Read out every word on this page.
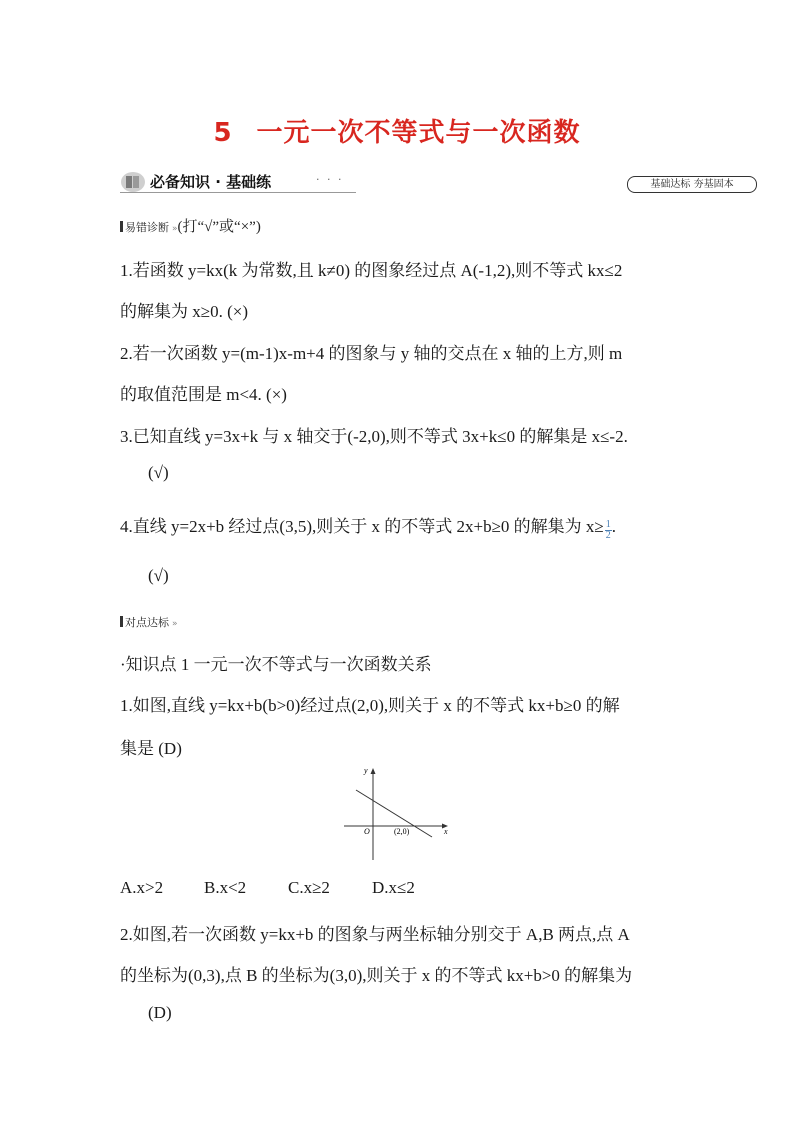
5 一元一次不等式与一次函数
必备知识 · 基础练	· · ·	基础达标 夯基固本
易错诊断 »(打“√”或“×”)
1.若函数 y=kx(k 为常数,且 k≠0) 的图象经过点 A(-1,2),则不等式 kx≤2
的解集为 x≥0. (×)
2.若一次函数 y=(m-1)x-m+4 的图象与 y 轴的交点在 x 轴的上方,则 m
的取值范围是 m<4. (×)
3.已知直线 y=3x+k 与 x 轴交于(-2,0),则不等式 3x+k≤0 的解集是 x≤-2.
(√)
4.直线 y=2x+b 经过点(3,5),则关于 x 的不等式 2x+b≥0 的解集为 $x\ge \frac{1}{2}$ .
(√)
对点达标 »
·知识点 1 一元一次不等式与一次函数关系
1.如图,直线 y=kx+b(b>0)经过点(2,0),则关于 x 的不等式 kx+b≥0 的解
集是 (D)
y
x
O	(2,0)
A.x>2 B.x<2 C.x≥2 D.x≤2
2.如图,若一次函数 y=kx+b 的图象与两坐标轴分别交于 A,B 两点,点 A
的坐标为(0,3),点 B 的坐标为(3,0),则关于 x 的不等式 kx+b>0 的解集为
(D)
